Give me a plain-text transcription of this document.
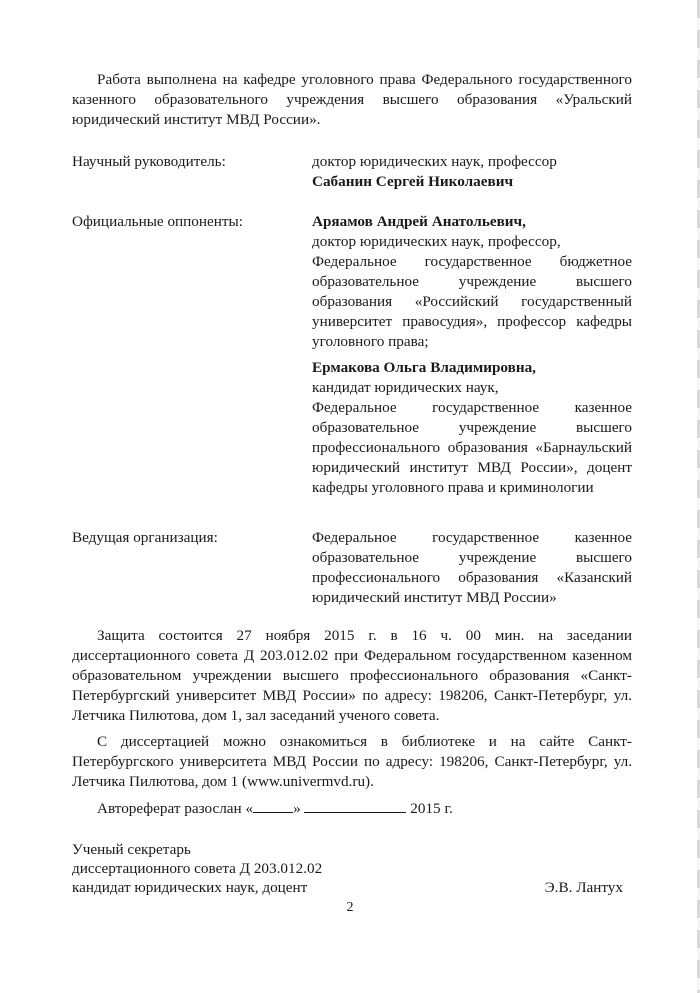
Работа выполнена на кафедре уголовного права Федерального государственного казенного образовательного учреждения высшего образования «Уральский юридический институт МВД России».
Научный руководитель:	доктор юридических наук, профессор
Сабанин Сергей Николаевич
Официальные оппоненты:	Аряамов Андрей Анатольевич,
доктор юридических наук, профессор,
Федеральное государственное бюджетное образовательное учреждение высшего образования «Российский государственный университет правосудия», профессор кафедры уголовного права;
Ермакова Ольга Владимировна,
кандидат юридических наук,
Федеральное государственное казенное образовательное учреждение высшего профессионального образования «Барнаульский юридический институт МВД России», доцент кафедры уголовного права и криминологии
Ведущая организация:	Федеральное государственное казенное образовательное учреждение высшего профессионального образования «Казанский юридический институт МВД России»
Защита состоится 27 ноября 2015 г. в 16 ч. 00 мин. на заседании диссертационного совета Д 203.012.02 при Федеральном государственном казенном образовательном учреждении высшего профессионального образования «Санкт-Петербургский университет МВД России» по адресу: 198206, Санкт-Петербург, ул. Летчика Пилютова, дом 1, зал заседаний ученого совета.
С диссертацией можно ознакомиться в библиотеке и на сайте Санкт-Петербургского университета МВД России по адресу: 198206, Санкт-Петербург, ул. Летчика Пилютова, дом 1 (www.univermvd.ru).
Автореферат разослан «	»	2015 г.
Ученый секретарь
диссертационного совета Д 203.012.02
кандидат юридических наук, доцент	Э.В. Лантух
2
